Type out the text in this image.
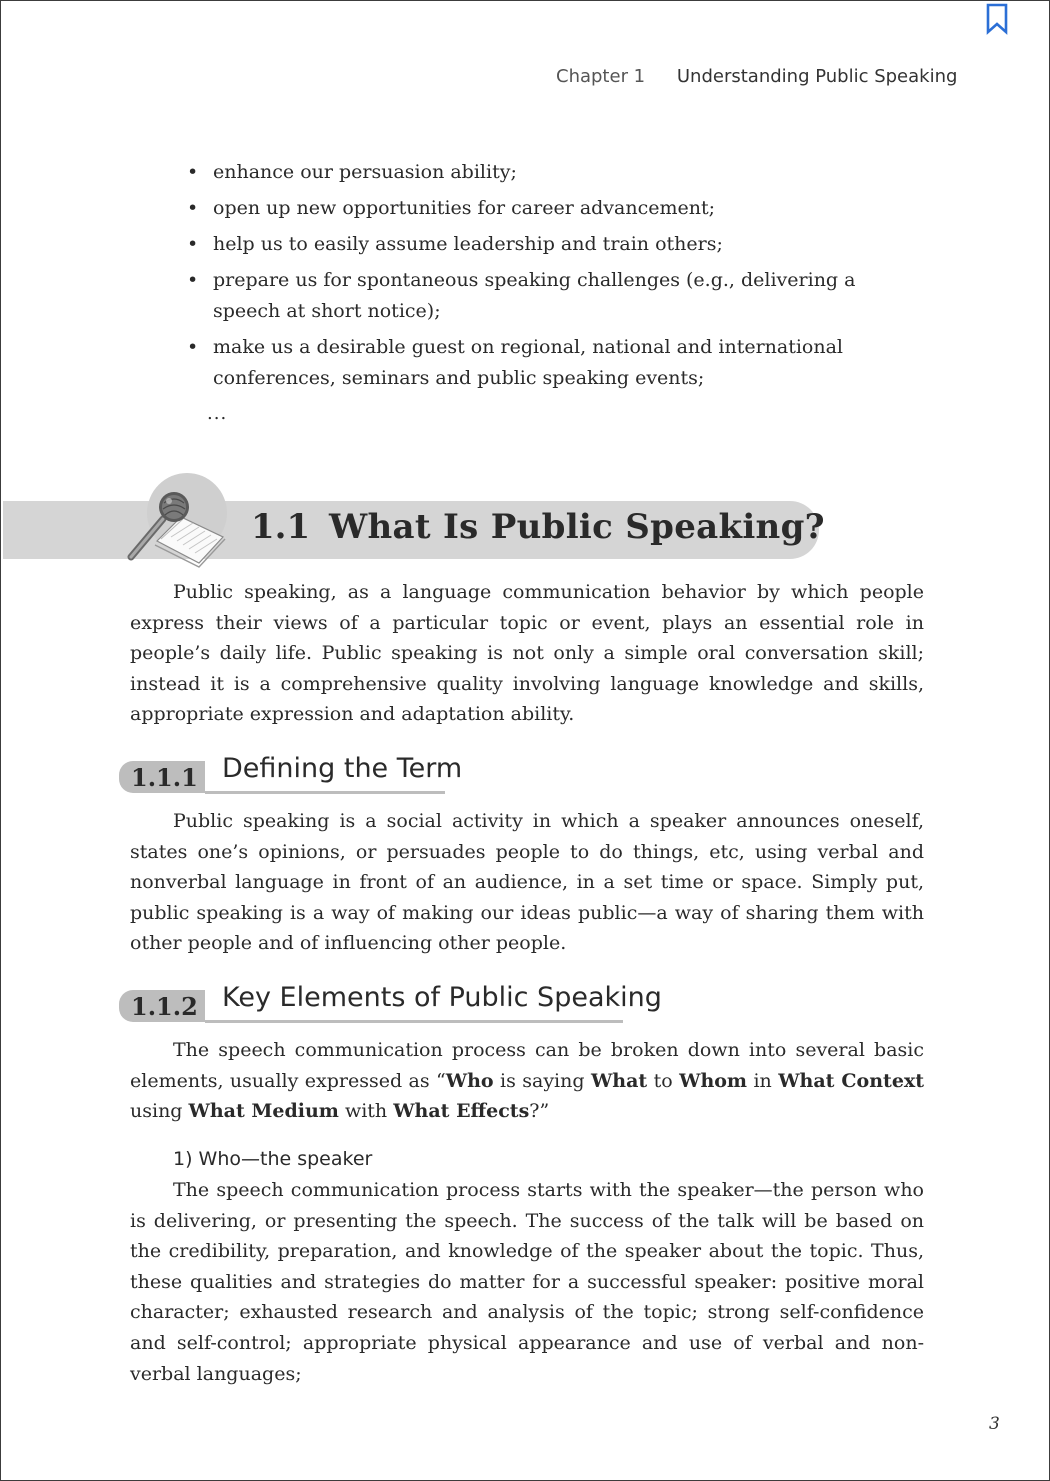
Chapter 1 Understanding Public Speaking
• enhance our persuasion ability;
• open up new opportunities for career advancement;
• help us to easily assume leadership and train others;
• prepare us for spontaneous speaking challenges (e.g., delivering a speech at short notice);
• make us a desirable guest on regional, national and international conferences, seminars and public speaking events;
...
1.1 What Is Public Speaking?

Public speaking, as a language communication behavior by which people express their views of a particular topic or event, plays an essential role in people’s daily life. Public speaking is not only a simple oral conversation skill; instead it is a comprehensive quality involving language knowledge and skills, appropriate expression and adaptation ability.

1.1.1 Defining the Term

Public speaking is a social activity in which a speaker announces oneself, states one’s opinions, or persuades people to do things, etc, using verbal and nonverbal language in front of an audience, in a set time or space. Simply put, public speaking is a way of making our ideas public—a way of sharing them with other people and of influencing other people.

1.1.2 Key Elements of Public Speaking

The speech communication process can be broken down into several basic elements, usually expressed as “Who is saying What to Whom in What Context using What Medium with What Effects?”

1) Who—the speaker

The speech communication process starts with the speaker—the person who is delivering, or presenting the speech. The success of the talk will be based on the credibility, preparation, and knowledge of the speaker about the topic. Thus, these qualities and strategies do matter for a successful speaker: positive moral character; exhausted research and analysis of the topic; strong self-confidence and self-control; appropriate physical appearance and use of verbal and non-verbal languages;

3
